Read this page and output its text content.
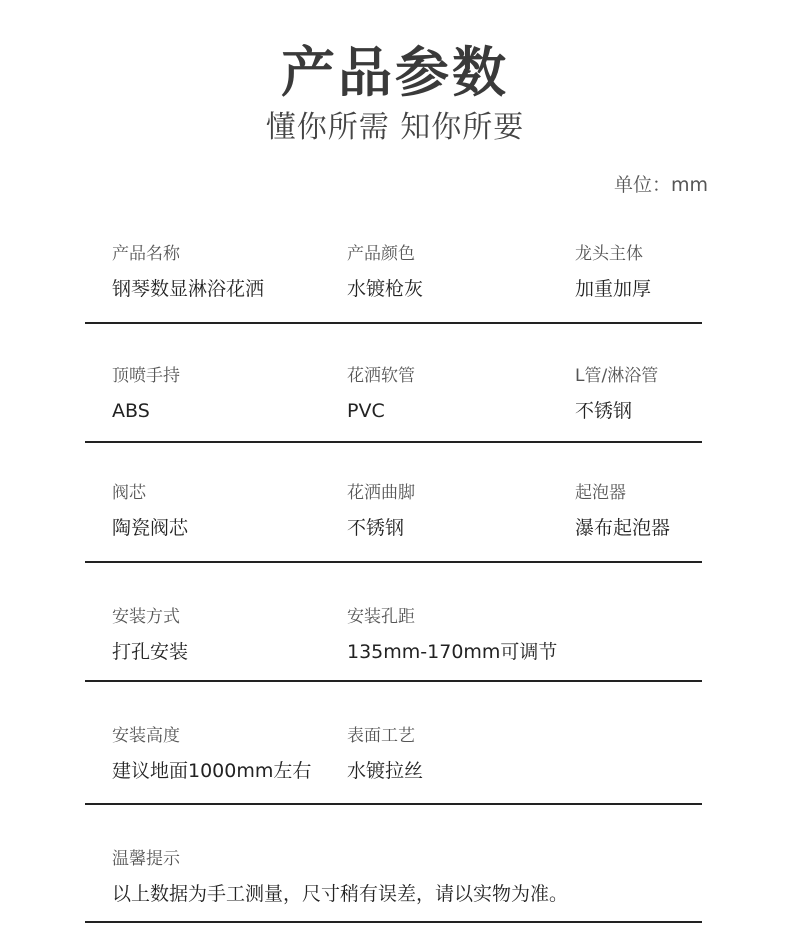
产品参数
懂你所需 知你所要
单位：mm
产品名称
钢琴数显淋浴花洒
产品颜色
水镀枪灰
龙头主体
加重加厚
顶喷手持
ABS
花洒软管
PVC
L管/淋浴管
不锈钢
阀芯
陶瓷阀芯
花洒曲脚
不锈钢
起泡器
瀑布起泡器
安装方式
打孔安装
安装孔距
135mm-170mm可调节
安装高度
建议地面1000mm左右
表面工艺
水镀拉丝
温馨提示
以上数据为手工测量，尺寸稍有误差，请以实物为准。
